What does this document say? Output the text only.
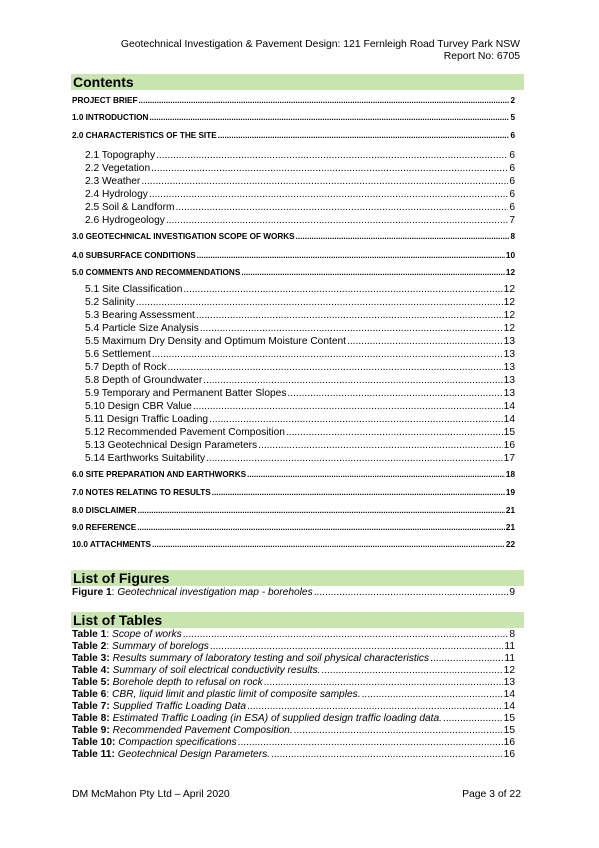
Geotechnical Investigation & Pavement Design: 121 Fernleigh Road Turvey Park NSW
Report No: 6705
Contents
PROJECT BRIEF .....	2
1.0 INTRODUCTION .....	5
2.0 CHARACTERISTICS OF THE SITE .....	6
2.1 Topography .....	6
2.2 Vegetation .....	6
2.3 Weather .....	6
2.4 Hydrology .....	6
2.5 Soil & Landform .....	6
2.6 Hydrogeology .....	7
3.0 GEOTECHNICAL INVESTIGATION SCOPE OF WORKS .....	8
4.0 SUBSURFACE CONDITIONS .....	10
5.0 COMMENTS AND RECOMMENDATIONS .....	12
5.1 Site Classification .....	12
5.2 Salinity .....	12
5.3 Bearing Assessment .....	12
5.4 Particle Size Analysis .....	12
5.5 Maximum Dry Density and Optimum Moisture Content .....	13
5.6 Settlement .....	13
5.7 Depth of Rock .....	13
5.8 Depth of Groundwater .....	13
5.9 Temporary and Permanent Batter Slopes .....	13
5.10 Design CBR Value .....	14
5.11 Design Traffic Loading .....	14
5.12 Recommended Pavement Composition .....	15
5.13 Geotechnical Design Parameters .....	16
5.14 Earthworks Suitability .....	17
6.0 SITE PREPARATION AND EARTHWORKS .....	18
7.0 NOTES RELATING TO RESULTS .....	19
8.0 DISCLAIMER .....	21
9.0 REFERENCE .....	21
10.0 ATTACHMENTS .....	22
List of Figures
Figure 1: Geotechnical investigation map - boreholes .....	9
List of Tables
Table 1: Scope of works .....	8
Table 2: Summary of borelogs .....	11
Table 3: Results summary of laboratory testing and soil physical characteristics .....	11
Table 4: Summary of soil electrical conductivity results. .....	12
Table 5: Borehole depth to refusal on rock .....	13
Table 6: CBR, liquid limit and plastic limit of composite samples. .....	14
Table 7: Supplied Traffic Loading Data .....	14
Table 8: Estimated Traffic Loading (in ESA) of supplied design traffic loading data. .....	15
Table 9: Recommended Pavement Composition. .....	15
Table 10: Compaction specifications .....	16
Table 11: Geotechnical Design Parameters. .....	16
DM McMahon Pty Ltd – April 2020	Page 3 of 22
